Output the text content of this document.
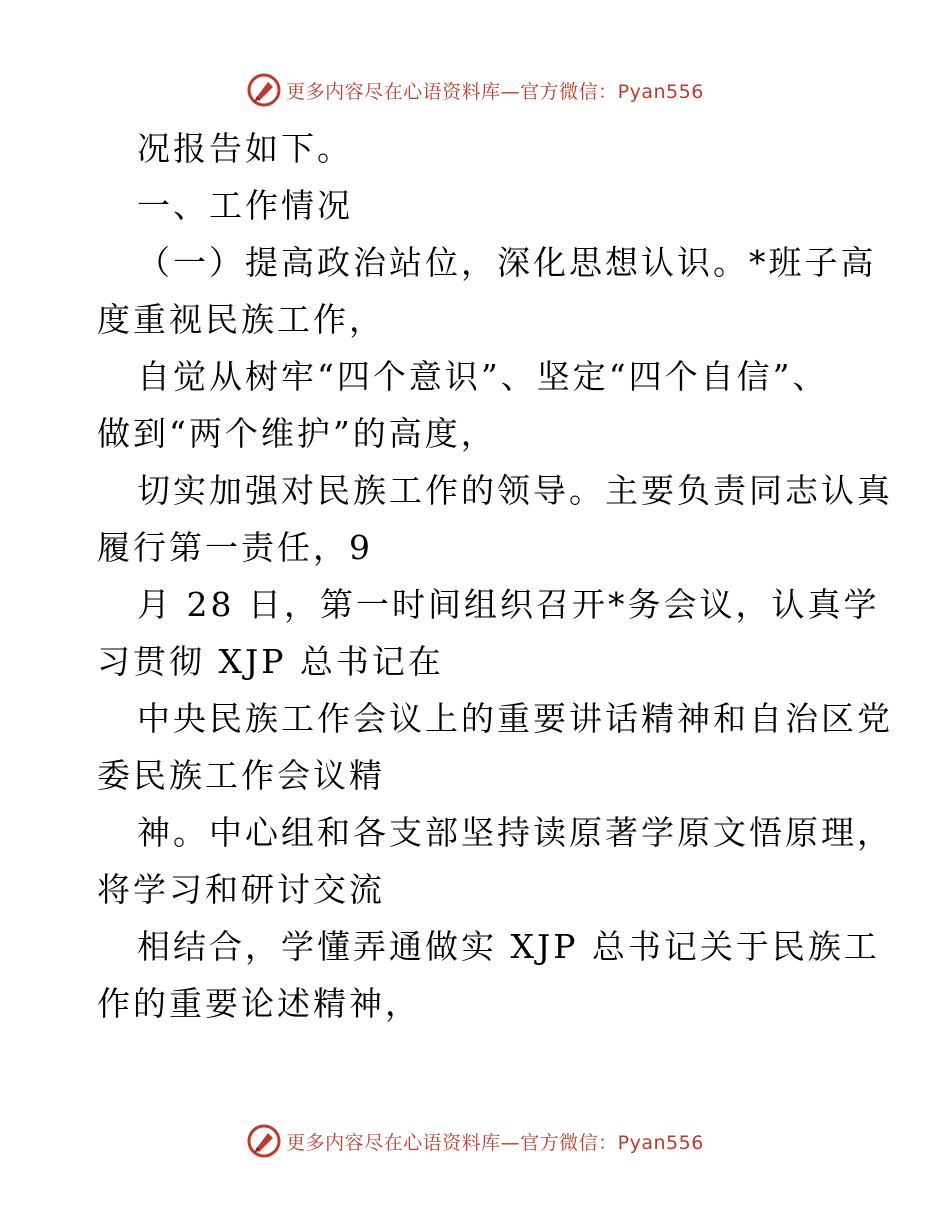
更多内容尽在心语资料库—官方微信：Pyan556
况报告如下。
一、工作情况
（一）提高政治站位，深化思想认识。*班子高
度重视民族工作，
自觉从树牢“四个意识”、坚定“四个自信”、
做到“两个维护”的高度，
切实加强对民族工作的领导。主要负责同志认真
履行第一责任，9
月 28 日，第一时间组织召开*务会议，认真学
习贯彻 XJP 总书记在
中央民族工作会议上的重要讲话精神和自治区党
委民族工作会议精
神。中心组和各支部坚持读原著学原文悟原理，
将学习和研讨交流
相结合，学懂弄通做实 XJP 总书记关于民族工
作的重要论述精神，
更多内容尽在心语资料库—官方微信：Pyan556
